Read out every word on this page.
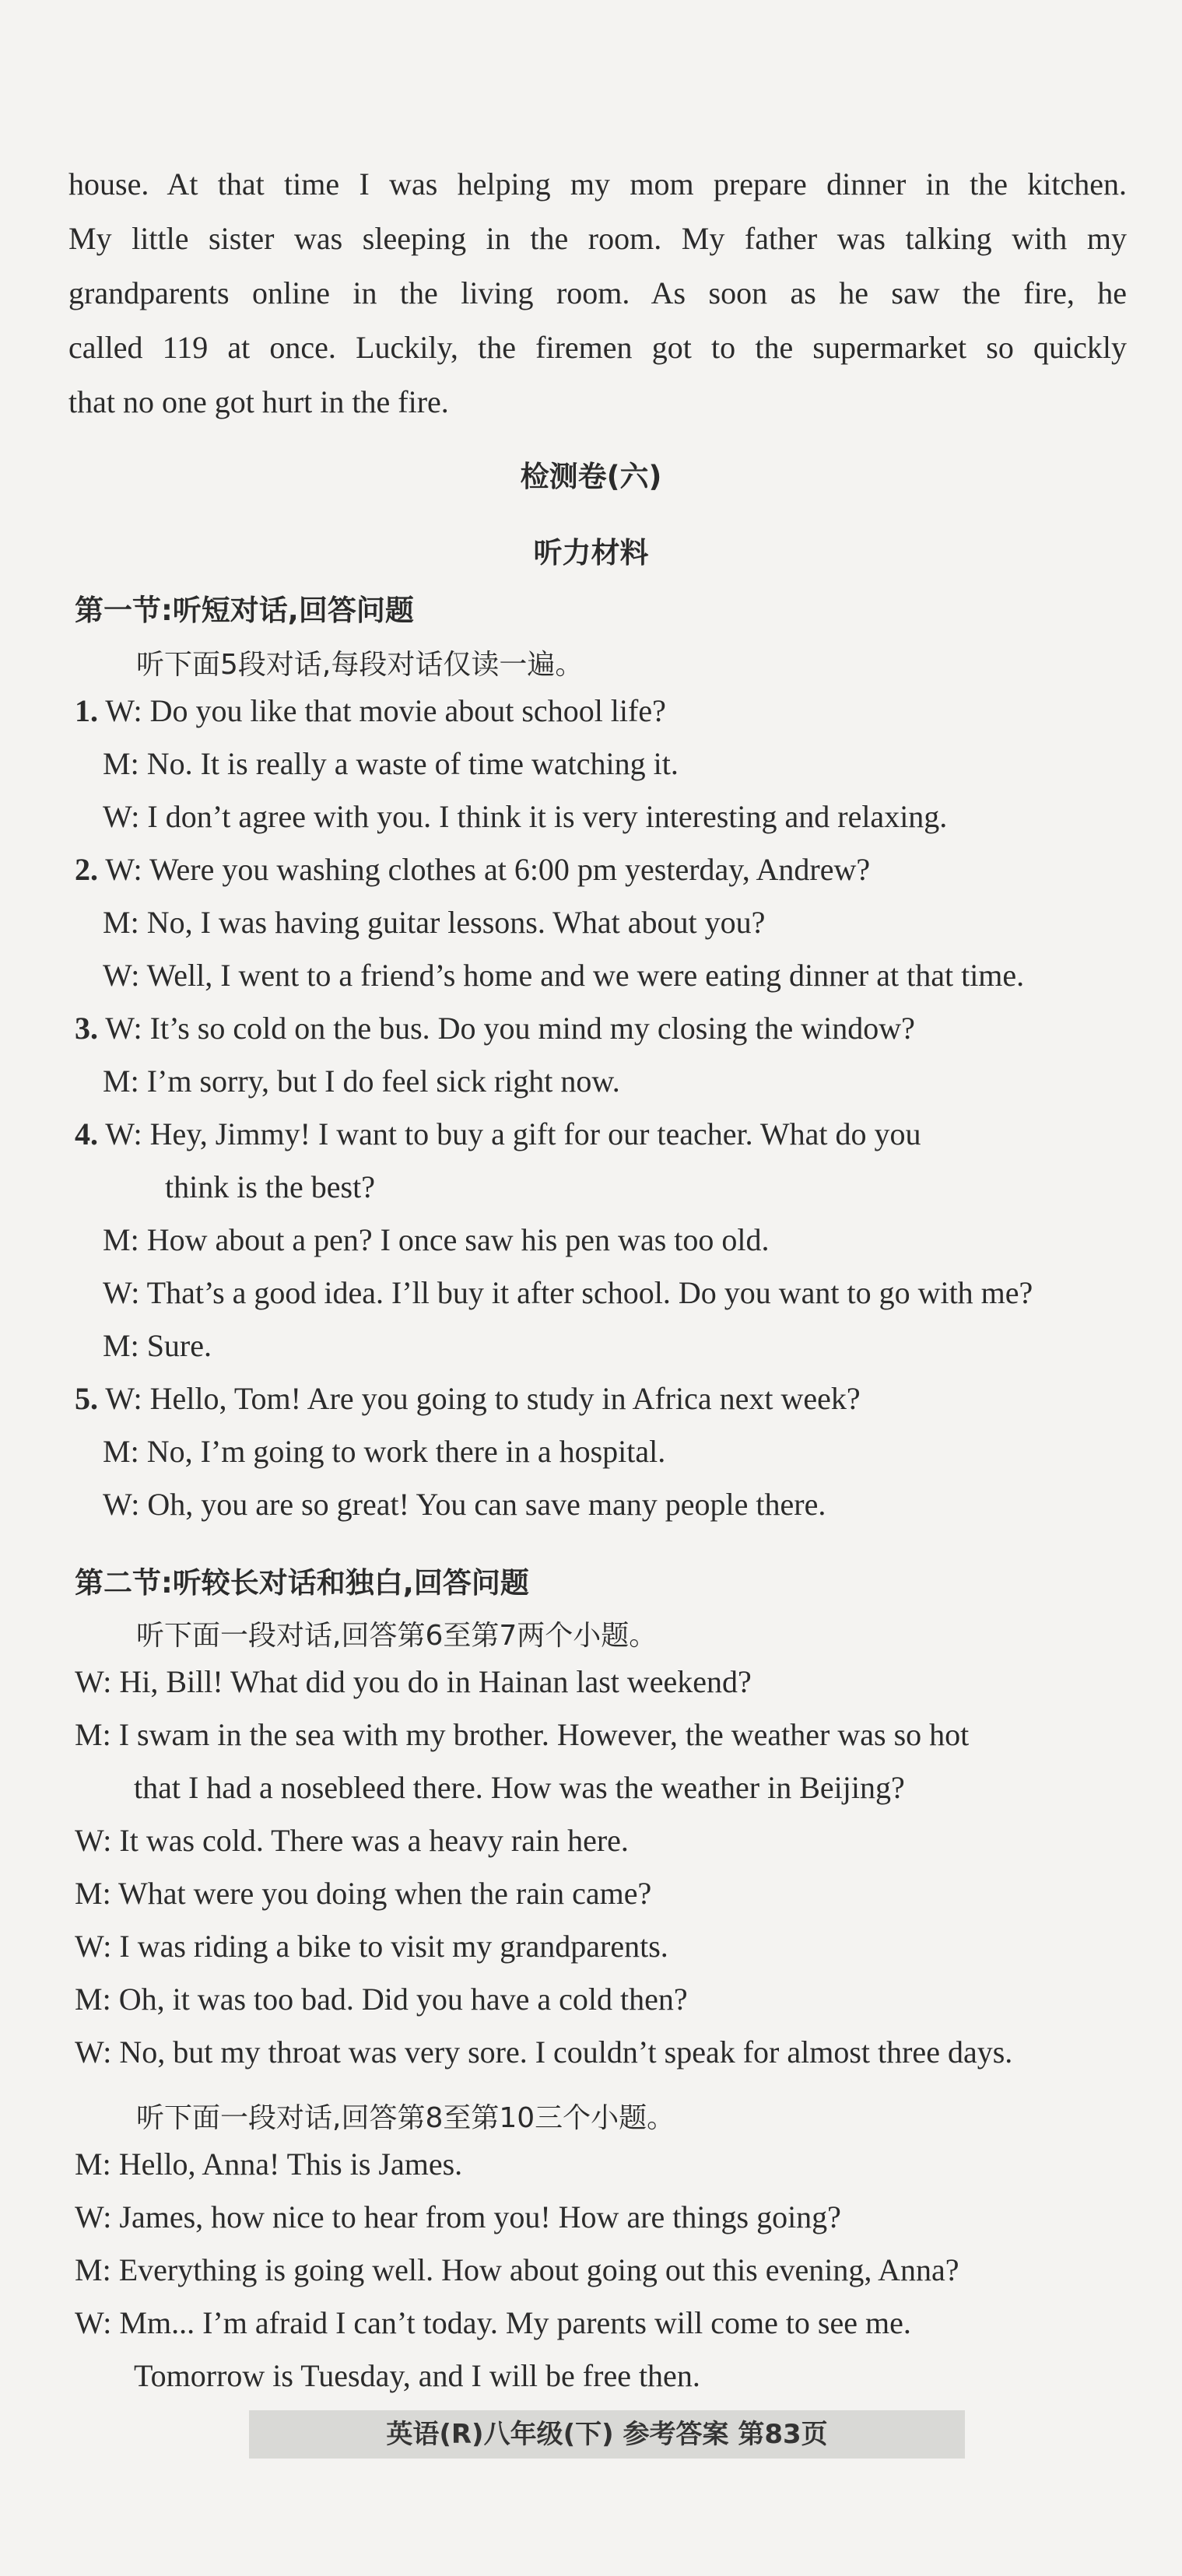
house. At that time I was helping my mom prepare dinner in the kitchen.

My little sister was sleeping in the room. My father was talking with my

grandparents online in the living room. As soon as he saw the fire, he

called 119 at once. Luckily, the firemen got to the supermarket so quickly

that no one got hurt in the fire.

检测卷(六)
听力材料
第一节:听短对话,回答问题
听下面5段对话,每段对话仅读一遍。
1. W: Do you like that movie about school life?
M: No. It is really a waste of time watching it.
W: I don’t agree with you. I think it is very interesting and relaxing.
2. W: Were you washing clothes at 6:00 pm yesterday, Andrew?
M: No, I was having guitar lessons. What about you?
W: Well, I went to a friend’s home and we were eating dinner at that time.
3. W: It’s so cold on the bus. Do you mind my closing the window?
M: I’m sorry, but I do feel sick right now.
4. W: Hey, Jimmy! I want to buy a gift for our teacher. What do you
think is the best?
M: How about a pen? I once saw his pen was too old.
W: That’s a good idea. I’ll buy it after school. Do you want to go with me?
M: Sure.
5. W: Hello, Tom! Are you going to study in Africa next week?
M: No, I’m going to work there in a hospital.
W: Oh, you are so great! You can save many people there.
第二节:听较长对话和独白,回答问题
听下面一段对话,回答第6至第7两个小题。
W: Hi, Bill! What did you do in Hainan last weekend?
M: I swam in the sea with my brother. However, the weather was so hot
that I had a nosebleed there. How was the weather in Beijing?
W: It was cold. There was a heavy rain here.
M: What were you doing when the rain came?
W: I was riding a bike to visit my grandparents.
M: Oh, it was too bad. Did you have a cold then?
W: No, but my throat was very sore. I couldn’t speak for almost three days.
听下面一段对话,回答第8至第10三个小题。
M: Hello, Anna! This is James.
W: James, how nice to hear from you! How are things going?
M: Everything is going well. How about going out this evening, Anna?
W: Mm... I’m afraid I can’t today. My parents will come to see me.
Tomorrow is Tuesday, and I will be free then.
英语(R)八年级(下) 参考答案 第83页
